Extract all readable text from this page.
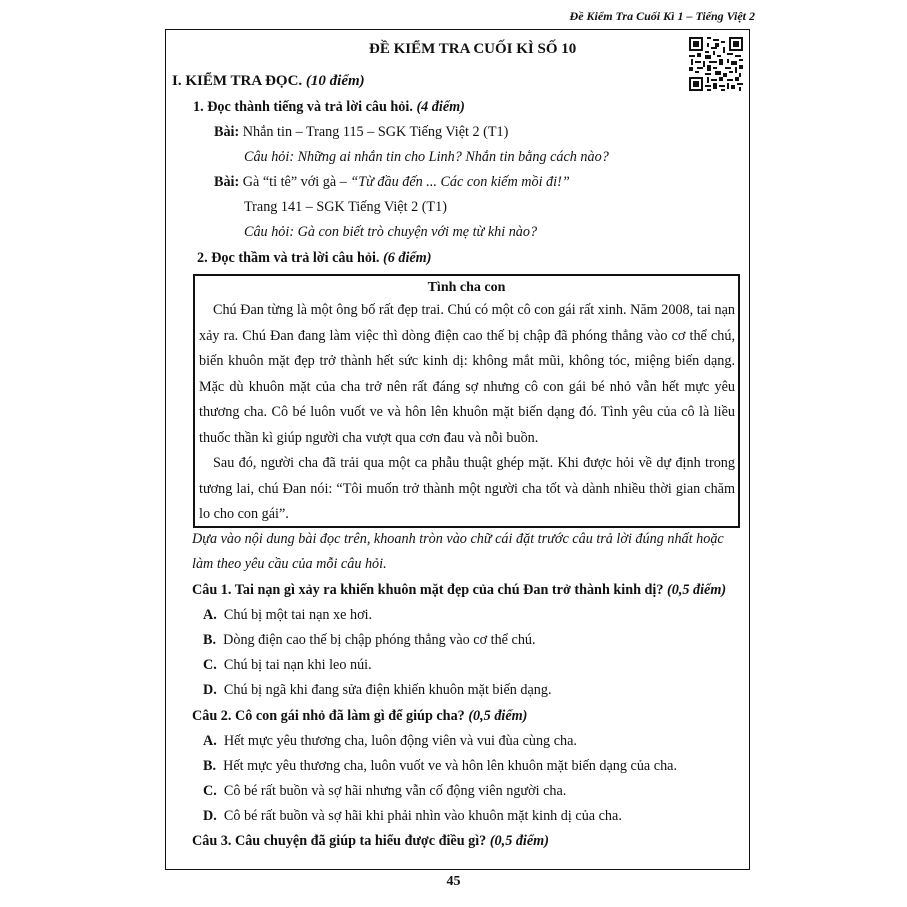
Đề Kiểm Tra Cuối Kì 1 – Tiếng Việt 2
ĐỀ KIỂM TRA CUỐI KÌ SỐ 10
I. KIỂM TRA ĐỌC. (10 điểm)
1. Đọc thành tiếng và trả lời câu hỏi. (4 điểm)
Bài: Nhắn tin – Trang 115 – SGK Tiếng Việt 2 (T1)
Câu hỏi: Những ai nhắn tin cho Linh? Nhắn tin bằng cách nào?
Bài: Gà “tỉ tê” với gà – “Từ đầu đến ... Các con kiếm mồi đi!”
Trang 141 – SGK Tiếng Việt 2 (T1)
Câu hỏi: Gà con biết trò chuyện với mẹ từ khi nào?
2. Đọc thầm và trả lời câu hỏi. (6 điểm)
Tình cha con

Chú Đan từng là một ông bố rất đẹp trai. Chú có một cô con gái rất xinh. Năm 2008, tai nạn xảy ra. Chú Đan đang làm việc thì dòng điện cao thế bị chập đã phóng thẳng vào cơ thể chú, biến khuôn mặt đẹp trở thành hết sức kinh dị: không mắt mũi, không tóc, miệng biến dạng. Mặc dù khuôn mặt của cha trở nên rất đáng sợ nhưng cô con gái bé nhỏ vẫn hết mực yêu thương cha. Cô bé luôn vuốt ve và hôn lên khuôn mặt biến dạng đó. Tình yêu của cô là liều thuốc thần kì giúp người cha vượt qua cơn đau và nỗi buồn.

Sau đó, người cha đã trải qua một ca phẫu thuật ghép mặt. Khi được hỏi về dự định trong tương lai, chú Đan nói: “Tôi muốn trở thành một người cha tốt và dành nhiều thời gian chăm lo cho con gái”.

Dựa vào nội dung bài đọc trên, khoanh tròn vào chữ cái đặt trước câu trả lời đúng nhất hoặc
làm theo yêu cầu của mỗi câu hỏi.
Câu 1. Tai nạn gì xảy ra khiến khuôn mặt đẹp của chú Đan trở thành kinh dị? (0,5 điểm)
A. Chú bị một tai nạn xe hơi.
B. Dòng điện cao thế bị chập phóng thẳng vào cơ thể chú.
C. Chú bị tai nạn khi leo núi.
D. Chú bị ngã khi đang sửa điện khiến khuôn mặt biến dạng.
Câu 2. Cô con gái nhỏ đã làm gì để giúp cha? (0,5 điểm)
A. Hết mực yêu thương cha, luôn động viên và vui đùa cùng cha.
B. Hết mực yêu thương cha, luôn vuốt ve và hôn lên khuôn mặt biến dạng của cha.
C. Cô bé rất buồn và sợ hãi nhưng vẫn cố động viên người cha.
D. Cô bé rất buồn và sợ hãi khi phải nhìn vào khuôn mặt kinh dị của cha.
Câu 3. Câu chuyện đã giúp ta hiểu được điều gì? (0,5 điểm)
45
